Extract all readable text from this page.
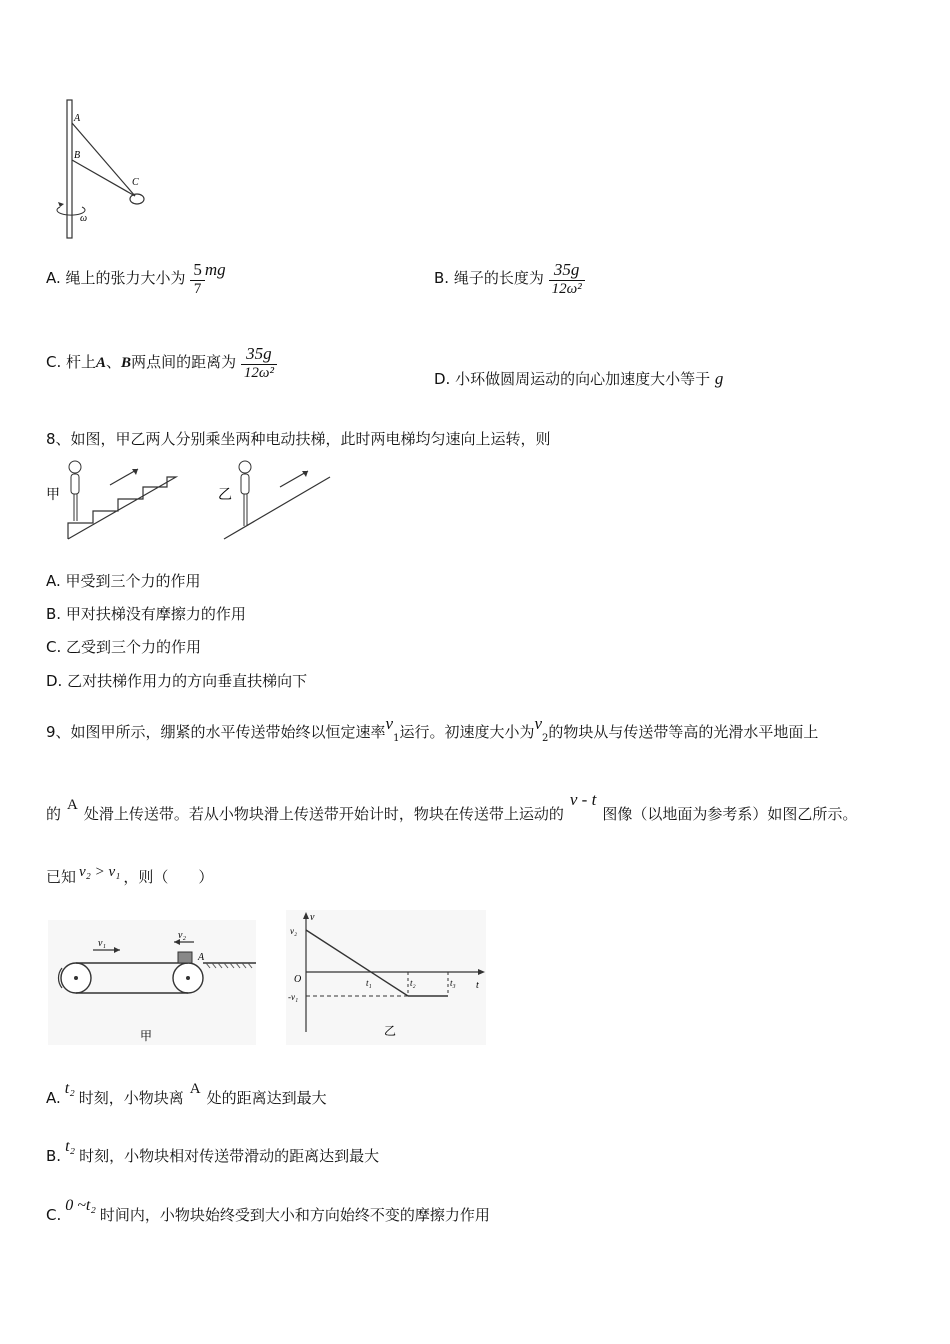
A
B
C
ω
A. 绳上的张力大小为 $\frac{5}{7}$ mg	B. 绳子的长度为 $\frac{35g}{\text{12ω²}}$
C. 杆上A、B两点间的距离为 $\frac{35g}{\text{12ω²}}$	D. 小环做圆周运动的向心加速度大小等于 g
8、如图，甲乙两人分别乘坐两种电动扶梯，此时两电梯均匀速向上运转，则
甲	乙
A. 甲受到三个力的作用
B. 甲对扶梯没有摩擦力的作用
C. 乙受到三个力的作用
D. 乙对扶梯作用力的方向垂直扶梯向下
9、如图甲所示，绷紧的水平传送带始终以恒定速率$v_1$运行。初速度大小为$v_2$的物块从与传送带等高的光滑水平地面上
的 A 处滑上传送带。若从小物块滑上传送带开始计时，物块在传送带上运动的v - t图像（以地面为参考系）如图乙所示。
已知 v₂ > v₁ ，则（　　）
v₁
v₂
A
甲
v
v₂
O
t
t₁	t₂	t₃
-v₁
乙
A.t₂时刻，小物块离 A 处的距离达到最大
B.t₂时刻，小物块相对传送带滑动的距离达到最大
C.0 ~t₂时间内，小物块始终受到大小和方向始终不变的摩擦力作用
